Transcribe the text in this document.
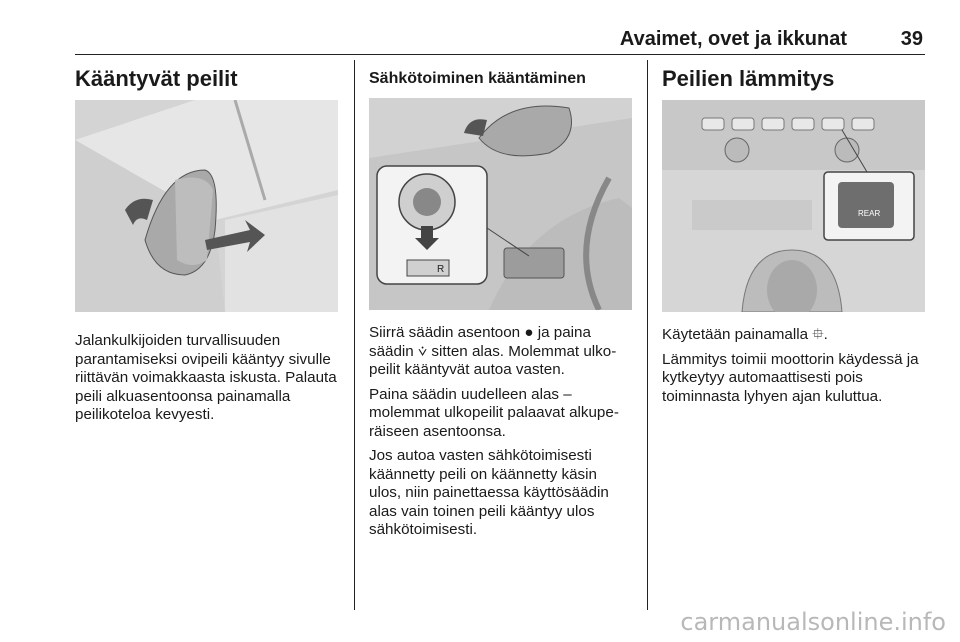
Avaimet, ovet ja ikkunat	39
Kääntyvät peilit

Jalankulkijoiden turvallisuuden parantamiseksi ovipeili kääntyy sivulle riittävän voimakkaasta iskusta. Palauta peili alkuasentoonsa painamalla peilikoteloa kevyesti.

Sähkötoiminen kääntäminen
R

Siirrä säädin asentoon ● ja paina säädin ⩒ sitten alas. Molemmat ulkopeilit kääntyvät autoa vasten.

Paina säädin uudelleen alas – molemmat ulkopeilit palaavat alkuperäiseen asentoonsa.

Jos autoa vasten sähkötoimisesti käännetty peili on käännetty käsin ulos, niin painettaessa käyttösäädin alas vain toinen peili kääntyy ulos sähkötoimisesti.

Peilien lämmitys
REAR

Käytetään painamalla ⯐.

Lämmitys toimii moottorin käydessä ja kytkeytyy automaattisesti pois toiminnasta lyhyen ajan kuluttua.

carmanualsonline.info
